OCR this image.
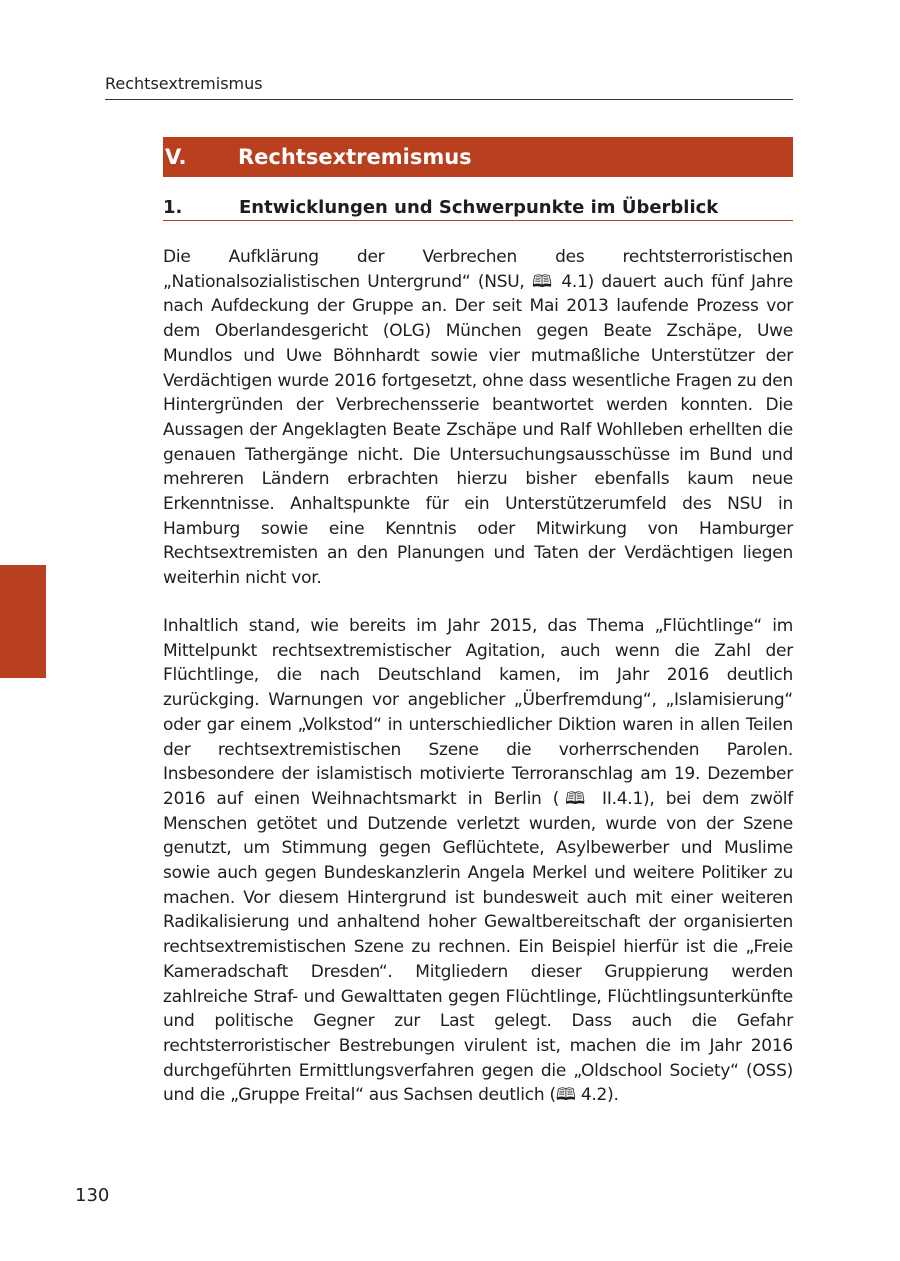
Rechtsextremismus
V. Rechtsextremismus
1.	Entwicklungen und Schwerpunkte im Überblick

Die Aufklärung der Verbrechen des rechtsterroristischen „Nationalsozialistischen Untergrund“ (NSU, 🕮 4.1) dauert auch fünf Jahre nach Aufdeckung der Gruppe an. Der seit Mai 2013 laufende Prozess vor dem Oberlandesgericht (OLG) München gegen Beate Zschäpe, Uwe Mundlos und Uwe Böhnhardt sowie vier mutmaßliche Unterstützer der Verdächtigen wurde 2016 fortgesetzt, ohne dass wesentliche Fragen zu den Hintergründen der Verbrechensserie beantwortet werden konnten. Die Aussagen der Angeklagten Beate Zschäpe und Ralf Wohlleben erhellten die genauen Tathergänge nicht. Die Untersuchungsausschüsse im Bund und mehreren Ländern erbrachten hierzu bisher ebenfalls kaum neue Erkenntnisse. Anhaltspunkte für ein Unterstützerumfeld des NSU in Hamburg sowie eine Kenntnis oder Mitwirkung von Hamburger Rechtsextremisten an den Planungen und Taten der Verdächtigen liegen weiterhin nicht vor.

Inhaltlich stand, wie bereits im Jahr 2015, das Thema „Flüchtlinge“ im Mittelpunkt rechtsextremistischer Agitation, auch wenn die Zahl der Flüchtlinge, die nach Deutschland kamen, im Jahr 2016 deutlich zurückging. Warnungen vor angeblicher „Überfremdung“, „Islamisierung“ oder gar einem „Volkstod“ in unterschiedlicher Diktion waren in allen Teilen der rechtsextremistischen Szene die vorherrschenden Parolen. Insbesondere der islamistisch motivierte Terroranschlag am 19. Dezember 2016 auf einen Weihnachtsmarkt in Berlin (🕮 II.4.1), bei dem zwölf Menschen getötet und Dutzende verletzt wurden, wurde von der Szene genutzt, um Stimmung gegen Geflüchtete, Asylbewerber und Muslime sowie auch gegen Bundeskanzlerin Angela Merkel und weitere Politiker zu machen. Vor diesem Hintergrund ist bundesweit auch mit einer weiteren Radikalisierung und anhaltend hoher Gewaltbereitschaft der organisierten rechtsextremistischen Szene zu rechnen. Ein Beispiel hierfür ist die „Freie Kameradschaft Dresden“. Mitgliedern dieser Gruppierung werden zahlreiche Straf- und Gewalttaten gegen Flüchtlinge, Flüchtlingsunterkünfte und politische Gegner zur Last gelegt. Dass auch die Gefahr rechtsterroristischer Bestrebungen virulent ist, machen die im Jahr 2016 durchgeführten Ermittlungsverfahren gegen die „Oldschool Society“ (OSS) und die „Gruppe Freital“ aus Sachsen deutlich (🕮 4.2).

130
